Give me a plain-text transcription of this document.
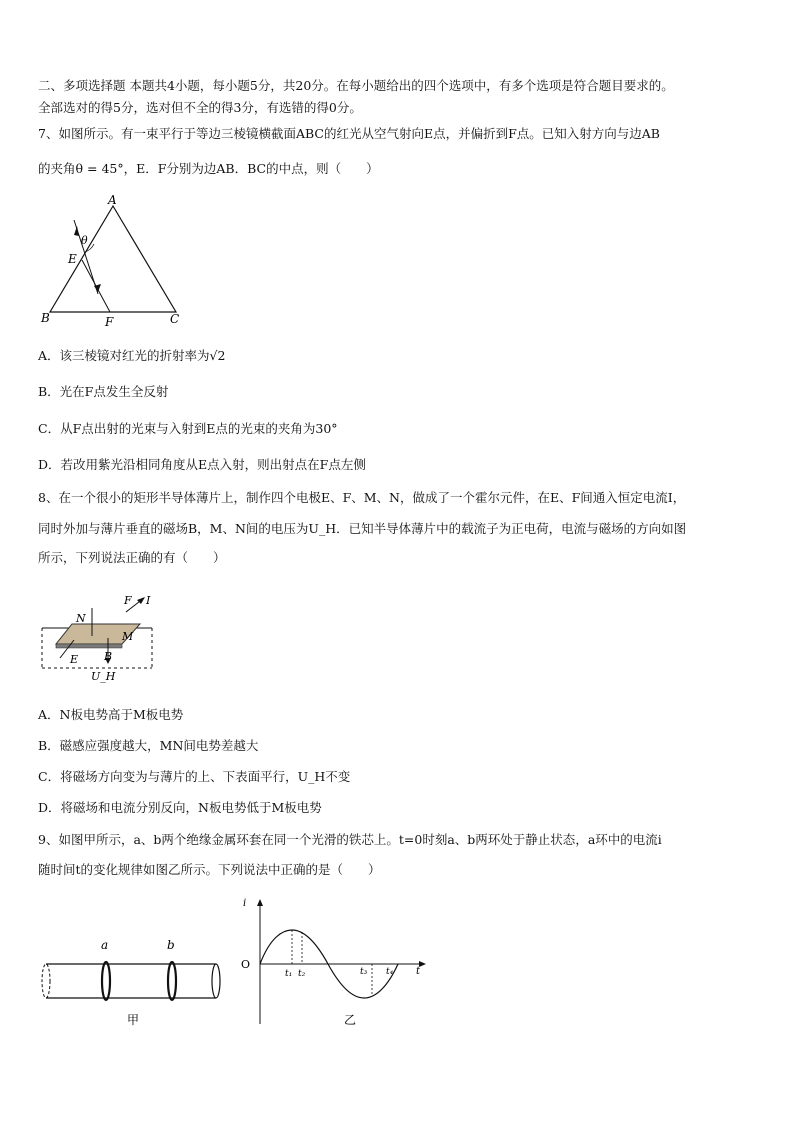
二、多项选择题 本题共4小题，每小题5分，共20分。在每小题给出的四个选项中，有多个选项是符合题目要求的。
全部选对的得5分，选对但不全的得3分，有选错的得0分。
7、如图所示。有一束平行于等边三棱镜横截面ABC的红光从空气射向E点，并偏折到F点。已知入射方向与边AB
的夹角θ = 45°，E．F分别为边AB．BC的中点，则（　　）
A
B	C
E
F
θ
A．该三棱镜对红光的折射率为√2
B．光在F点发生全反射
C．从F点出射的光束与入射到E点的光束的夹角为30°
D．若改用紫光沿相同角度从E点入射，则出射点在F点左侧
8、在一个很小的矩形半导体薄片上，制作四个电极E、F、M、N，做成了一个霍尔元件，在E、F间通入恒定电流I，
同时外加与薄片垂直的磁场B，M、N间的电压为U_H．已知半导体薄片中的载流子为正电荷，电流与磁场的方向如图
所示，下列说法正确的有（　　）
N
F I
M
E B
U_H
A．N板电势高于M板电势
B．磁感应强度越大，MN间电势差越大
C．将磁场方向变为与薄片的上、下表面平行，U_H不变
D．将磁场和电流分别反向，N板电势低于M板电势
9、如图甲所示，a、b两个绝缘金属环套在同一个光滑的铁芯上。t=0时刻a、b两环处于静止状态，a环中的电流i
随时间t的变化规律如图乙所示。下列说法中正确的是（　　）
a	b
甲
i
t
O
t₁ t₂	t₃ t₄
乙
